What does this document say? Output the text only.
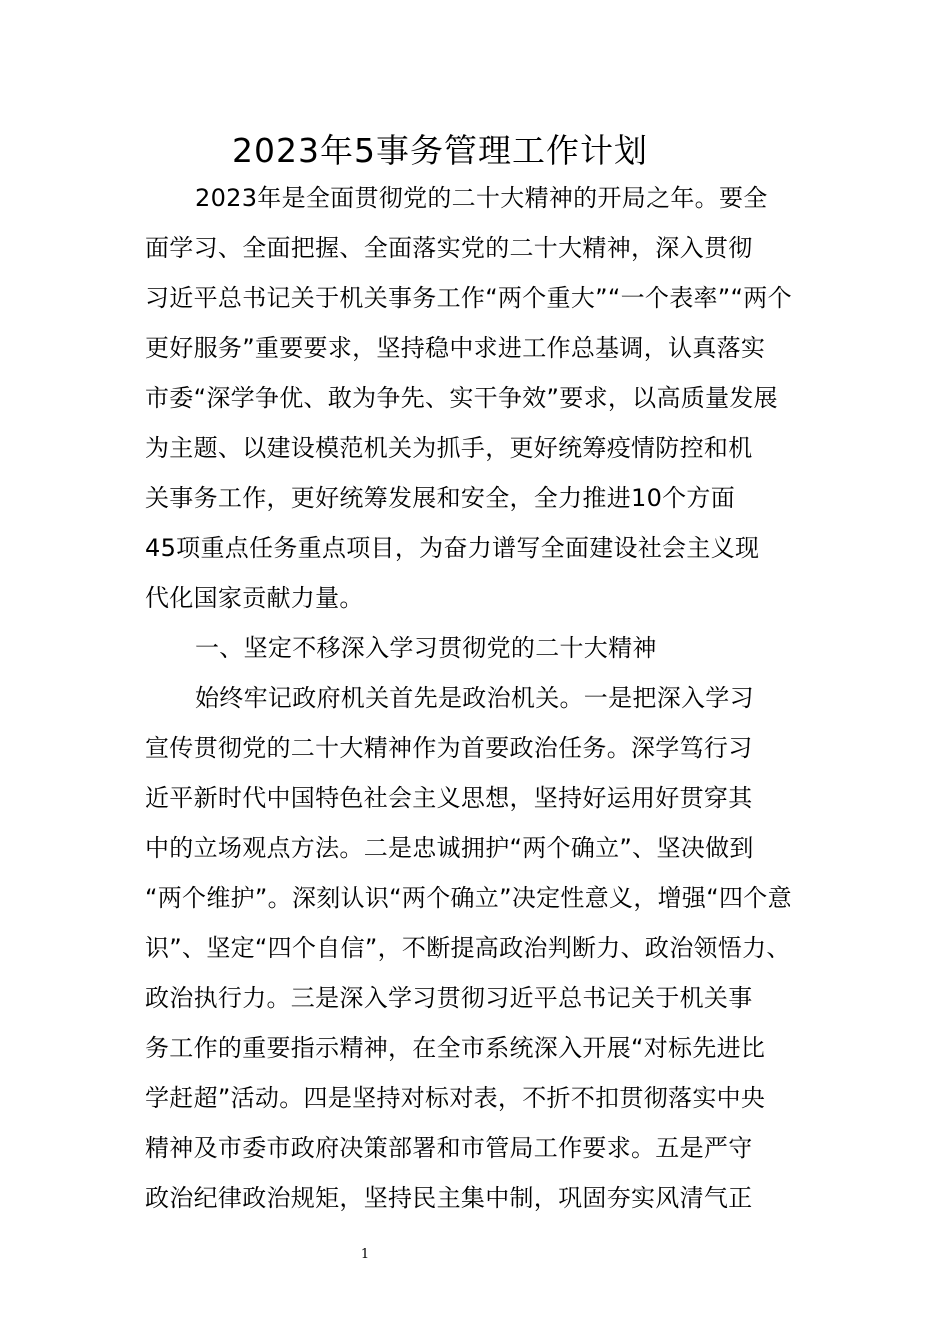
2023年5事务管理工作计划
2023年是全面贯彻党的二十大精神的开局之年。要全
面学习、全面把握、全面落实党的二十大精神，深入贯彻
习近平总书记关于机关事务工作“两个重大”“一个表率”“两个
更好服务”重要要求，坚持稳中求进工作总基调，认真落实
市委“深学争优、敢为争先、实干争效”要求，以高质量发展
为主题、以建设模范机关为抓手，更好统筹疫情防控和机
关事务工作，更好统筹发展和安全，全力推进10个方面
45项重点任务重点项目，为奋力谱写全面建设社会主义现
代化国家贡献力量。
一、坚定不移深入学习贯彻党的二十大精神
始终牢记政府机关首先是政治机关。一是把深入学习
宣传贯彻党的二十大精神作为首要政治任务。深学笃行习
近平新时代中国特色社会主义思想，坚持好运用好贯穿其
中的立场观点方法。二是忠诚拥护“两个确立”、坚决做到
“两个维护”。深刻认识“两个确立”决定性意义，增强“四个意
识”、坚定“四个自信”，不断提高政治判断力、政治领悟力、
政治执行力。三是深入学习贯彻习近平总书记关于机关事
务工作的重要指示精神，在全市系统深入开展“对标先进比
学赶超”活动。四是坚持对标对表，不折不扣贯彻落实中央
精神及市委市政府决策部署和市管局工作要求。五是严守
政治纪律政治规矩，坚持民主集中制，巩固夯实风清气正
1
